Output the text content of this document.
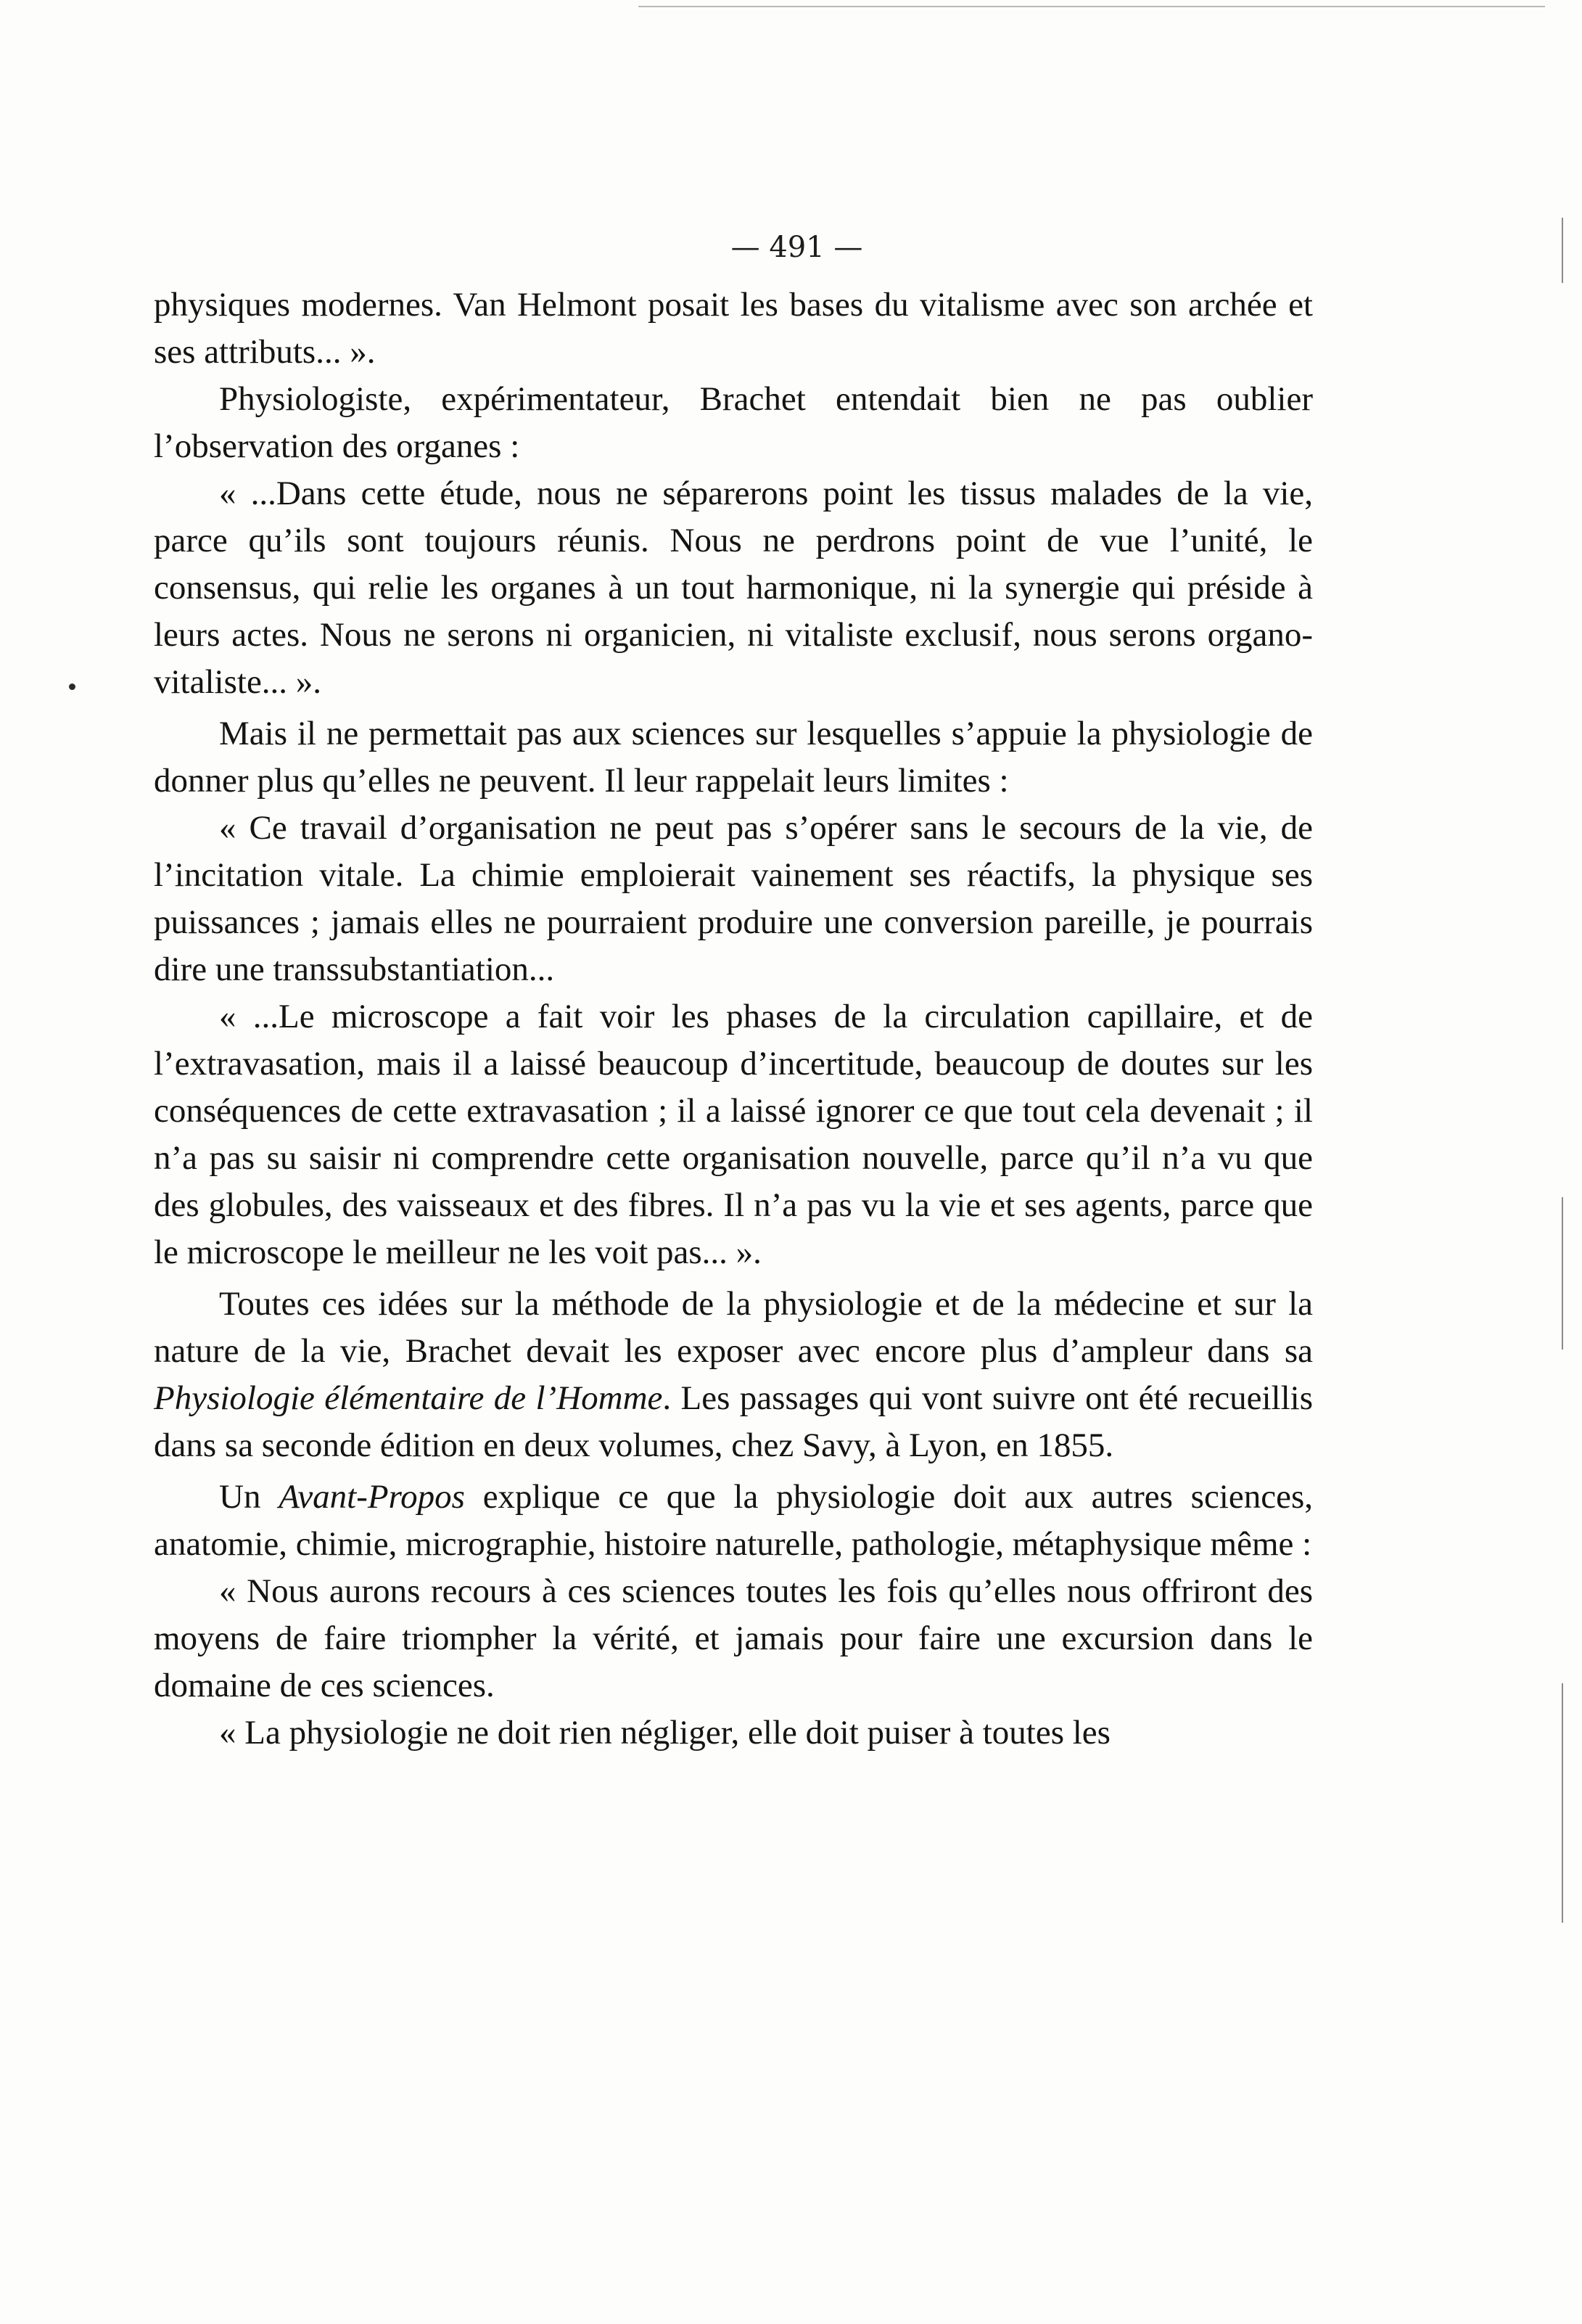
— 491 —

physiques modernes. Van Helmont posait les bases du vitalisme avec son archée et ses attributs... ».

Physiologiste, expérimentateur, Brachet entendait bien ne pas oublier l’observation des organes :

« ...Dans cette étude, nous ne séparerons point les tissus malades de la vie, parce qu’ils sont toujours réunis. Nous ne perdrons point de vue l’unité, le consensus, qui relie les organes à un tout harmonique, ni la synergie qui préside à leurs actes. Nous ne serons ni organicien, ni vitaliste exclusif, nous serons organo-vitaliste... ».

Mais il ne permettait pas aux sciences sur lesquelles s’appuie la physiologie de donner plus qu’elles ne peuvent. Il leur rappelait leurs limites :

« Ce travail d’organisation ne peut pas s’opérer sans le secours de la vie, de l’incitation vitale. La chimie emploierait vainement ses réactifs, la physique ses puissances ; jamais elles ne pourraient produire une conversion pareille, je pourrais dire une transsubstantiation...

« ...Le microscope a fait voir les phases de la circulation capillaire, et de l’extravasation, mais il a laissé beaucoup d’incertitude, beaucoup de doutes sur les conséquences de cette extravasation ; il a laissé ignorer ce que tout cela devenait ; il n’a pas su saisir ni comprendre cette organisation nouvelle, parce qu’il n’a vu que des globules, des vaisseaux et des fibres. Il n’a pas vu la vie et ses agents, parce que le microscope le meilleur ne les voit pas... ».

Toutes ces idées sur la méthode de la physiologie et de la médecine et sur la nature de la vie, Brachet devait les exposer avec encore plus d’ampleur dans sa Physiologie élémentaire de l’Homme. Les passages qui vont suivre ont été recueillis dans sa seconde édition en deux volumes, chez Savy, à Lyon, en 1855.

Un Avant-Propos explique ce que la physiologie doit aux autres sciences, anatomie, chimie, micrographie, histoire naturelle, pathologie, métaphysique même :

« Nous aurons recours à ces sciences toutes les fois qu’elles nous offriront des moyens de faire triompher la vérité, et jamais pour faire une excursion dans le domaine de ces sciences.

« La physiologie ne doit rien négliger, elle doit puiser à toutes les
